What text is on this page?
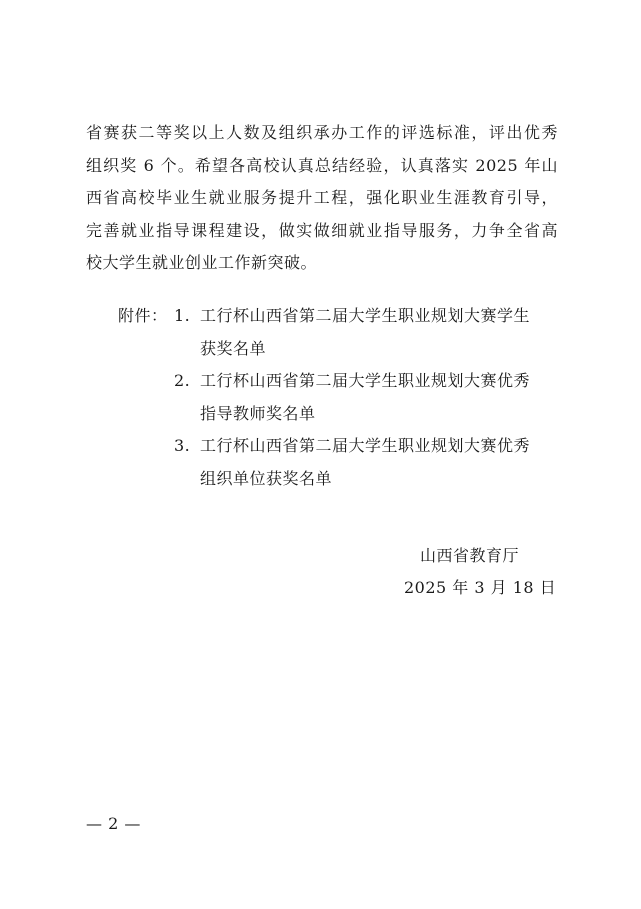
省赛获二等奖以上人数及组织承办工作的评选标准，评出优秀
组织奖 6 个。希望各高校认真总结经验，认真落实 2025 年山
西省高校毕业生就业服务提升工程，强化职业生涯教育引导，
完善就业指导课程建设，做实做细就业指导服务，力争全省高
校大学生就业创业工作新突破。
附件： 1. 工行杯山西省第二届大学生职业规划大赛学生
获奖名单
2. 工行杯山西省第二届大学生职业规划大赛优秀
指导教师奖名单
3. 工行杯山西省第二届大学生职业规划大赛优秀
组织单位获奖名单
山西省教育厅
2025 年 3 月 18 日
— 2 —
